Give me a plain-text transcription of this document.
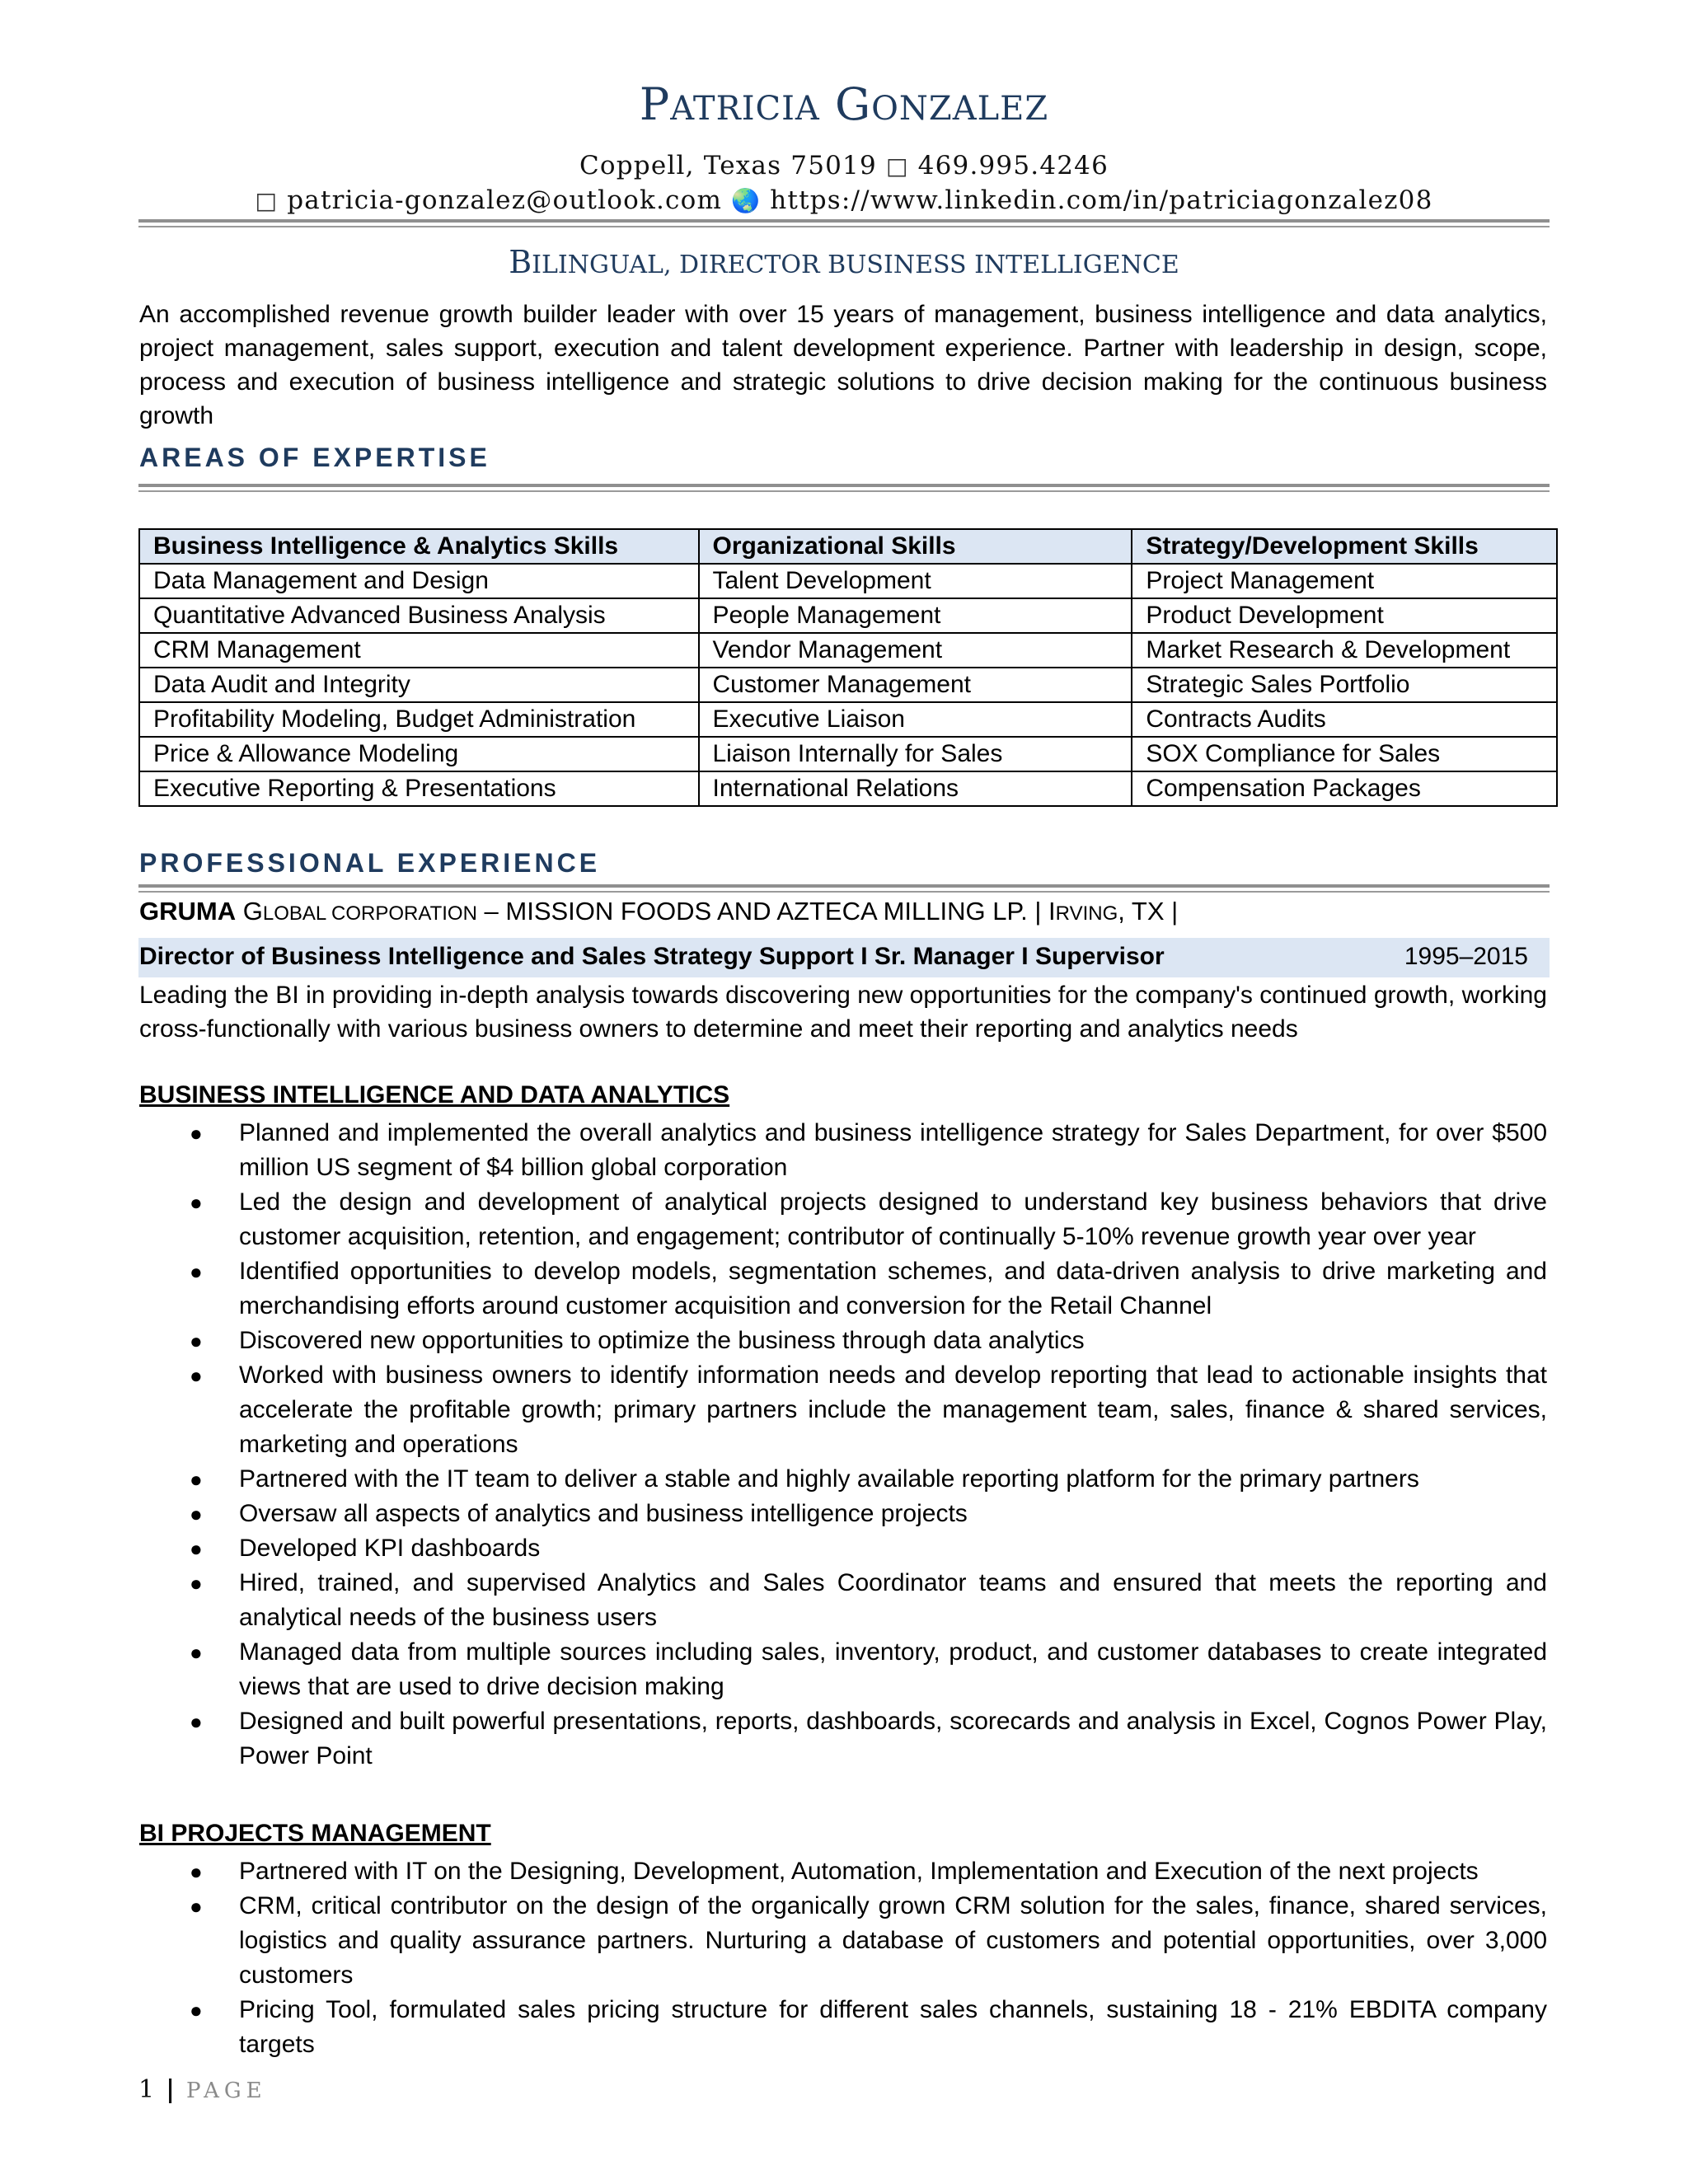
PATRICIA GONZALEZ
Coppell, Texas 75019 □ 469.995.4246
□ patricia-gonzalez@outlook.com 🌏 https://www.linkedin.com/in/patriciagonzalez08
BILINGUAL, DIRECTOR BUSINESS INTELLIGENCE
An accomplished revenue growth builder leader with over 15 years of management, business intelligence and data analytics, project management, sales support, execution and talent development experience. Partner with leadership in design, scope, process and execution of business intelligence and strategic solutions to drive decision making for the continuous business growth
AREAS OF EXPERTISE
Business Intelligence & Analytics Skills	Organizational Skills	Strategy/Development Skills
Data Management and Design	Talent Development	Project Management
Quantitative Advanced Business Analysis	People Management	Product Development
CRM Management	Vendor Management	Market Research & Development
Data Audit and Integrity	Customer Management	Strategic Sales Portfolio
Profitability Modeling, Budget Administration	Executive Liaison	Contracts Audits
Price & Allowance Modeling	Liaison Internally for Sales	SOX Compliance for Sales
Executive Reporting & Presentations	International Relations	Compensation Packages
PROFESSIONAL EXPERIENCE
GRUMA GLOBAL CORPORATION – MISSION FOODS AND AZTECA MILLING LP. | IRVING, TX |
Director of Business Intelligence and Sales Strategy Support I Sr. Manager I Supervisor	1995–2015
Leading the BI in providing in-depth analysis towards discovering new opportunities for the company's continued growth, working cross-functionally with various business owners to determine and meet their reporting and analytics needs
BUSINESS INTELLIGENCE AND DATA ANALYTICS
● Planned and implemented the overall analytics and business intelligence strategy for Sales Department, for over $500 million US segment of $4 billion global corporation
● Led the design and development of analytical projects designed to understand key business behaviors that drive customer acquisition, retention, and engagement; contributor of continually 5-10% revenue growth year over year
● Identified opportunities to develop models, segmentation schemes, and data-driven analysis to drive marketing and merchandising efforts around customer acquisition and conversion for the Retail Channel
● Discovered new opportunities to optimize the business through data analytics
● Worked with business owners to identify information needs and develop reporting that lead to actionable insights that accelerate the profitable growth; primary partners include the management team, sales, finance & shared services, marketing and operations
● Partnered with the IT team to deliver a stable and highly available reporting platform for the primary partners
● Oversaw all aspects of analytics and business intelligence projects
● Developed KPI dashboards
● Hired, trained, and supervised Analytics and Sales Coordinator teams and ensured that meets the reporting and analytical needs of the business users
● Managed data from multiple sources including sales, inventory, product, and customer databases to create integrated views that are used to drive decision making
● Designed and built powerful presentations, reports, dashboards, scorecards and analysis in Excel, Cognos Power Play, Power Point
BI PROJECTS MANAGEMENT
● Partnered with IT on the Designing, Development, Automation, Implementation and Execution of the next projects
● CRM, critical contributor on the design of the organically grown CRM solution for the sales, finance, shared services, logistics and quality assurance partners. Nurturing a database of customers and potential opportunities, over 3,000 customers
● Pricing Tool, formulated sales pricing structure for different sales channels, sustaining 18 - 21% EBDITA company targets
1 | PAGE
